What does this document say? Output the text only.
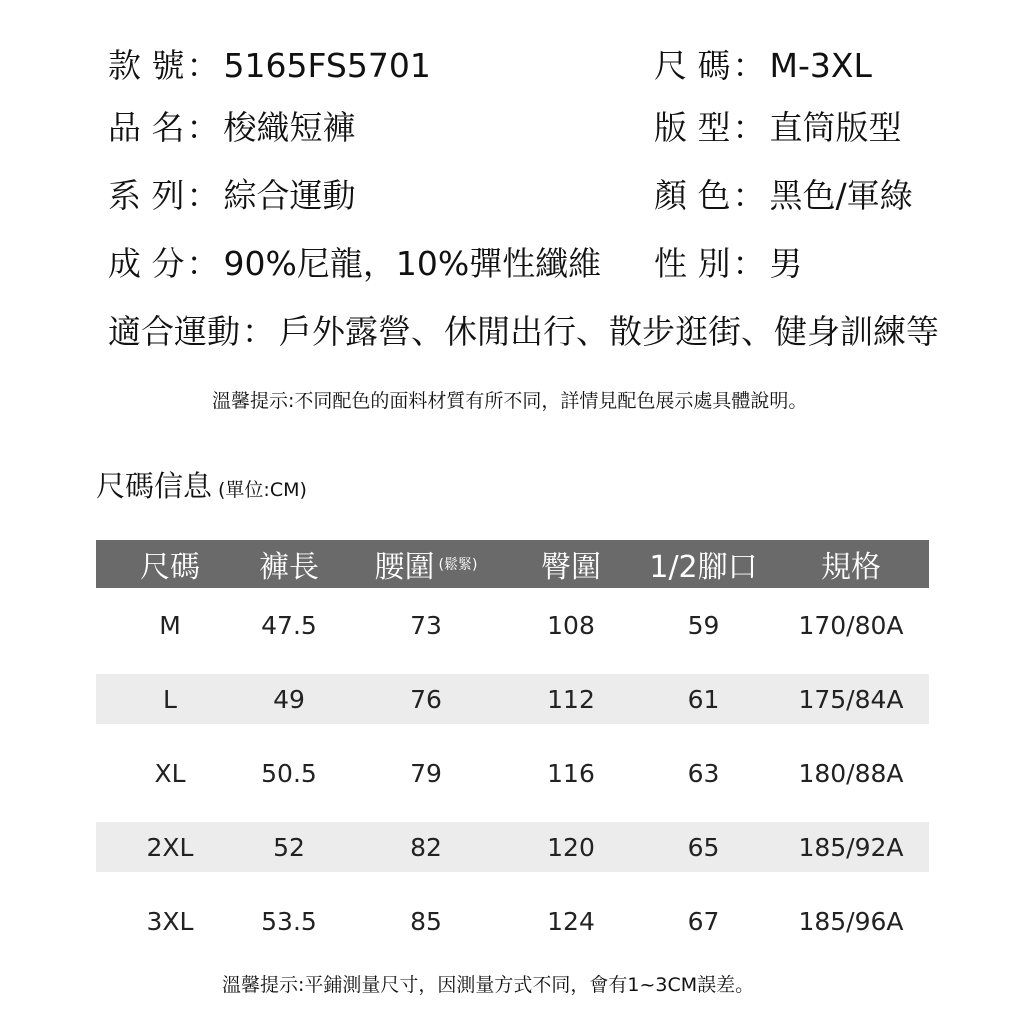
款 號： 5165FS5701	尺 碼： M-3XL
品 名： 梭織短褲	版 型： 直筒版型
系 列： 綜合運動	顏 色： 黑色/軍綠
成 分： 90%尼龍，10%彈性纖維 性 別： 男
適合運動： 戶外露營、休閒出行、散步逛街、健身訓練等
溫馨提示:不同配色的面料材質有所不同，詳情見配色展示處具體說明。
尺碼信息 (單位:CM)
尺碼	褲長	腰圍 (鬆緊)	臀圍	1/2腳口	規格
M	47.5	73	108	59	170/80A
L	49	76	112	61	175/84A
XL	50.5	79	116	63	180/88A
2XL	52	82	120	65	185/92A
3XL	53.5	85	124	67	185/96A
溫馨提示:平鋪測量尺寸，因測量方式不同，會有1~3CM誤差。
